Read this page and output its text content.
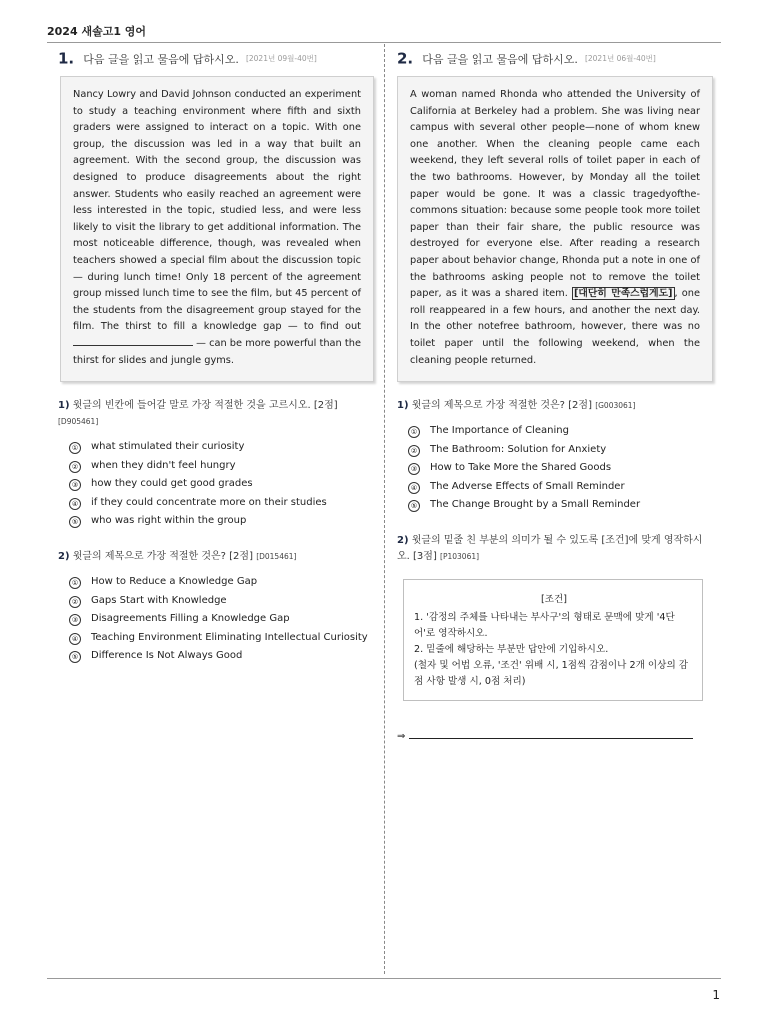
2024 새솔고1 영어
1. 다음 글을 읽고 물음에 답하시오. [2021년 09월-40번]
Nancy Lowry and David Johnson conducted an experiment to study a teaching environment where fifth and sixth graders were assigned to interact on a topic. With one group, the discussion was led in a way that built an agreement. With the second group, the discussion was designed to produce disagreements about the right answer. Students who easily reached an agreement were less interested in the topic, studied less, and were less likely to visit the library to get additional information. The most noticeable difference, though, was revealed when teachers showed a special film about the discussion topic — during lunch time! Only 18 percent of the agreement group missed lunch time to see the film, but 45 percent of the students from the disagreement group stayed for the film. The thirst to fill a knowledge gap — to find out  — can be more powerful than the thirst for slides and jungle gyms.
1) 윗글의 빈칸에 들어갈 말로 가장 적절한 것을 고르시오. [2점] [D905461]
① what stimulated their curiosity
② when they didn't feel hungry
③ how they could get good grades
④ if they could concentrate more on their studies
⑤ who was right within the group
2) 윗글의 제목으로 가장 적절한 것은? [2점] [D015461]
① How to Reduce a Knowledge Gap
② Gaps Start with Knowledge
③ Disagreements Filling a Knowledge Gap
④ Teaching Environment Eliminating Intellectual Curiosity
⑤ Difference Is Not Always Good
2. 다음 글을 읽고 물음에 답하시오. [2021년 06월-40번]
A woman named Rhonda who attended the University of California at Berkeley had a problem. She was living near campus with several other people—none of whom knew one another. When the cleaning people came each weekend, they left several rolls of toilet paper in each of the two bathrooms. However, by Monday all the toilet paper would be gone. It was a classic tragedyofthe-commons situation: because some people took more toilet paper than their fair share, the public resource was destroyed for everyone else. After reading a research paper about behavior change, Rhonda put a note in one of the bathrooms asking people not to remove the toilet paper, as it was a shared item. [대단히 만족스럽게도] , one roll reappeared in a few hours, and another the next day. In the other notefree bathroom, however, there was no toilet paper until the following weekend, when the cleaning people returned.
1) 윗글의 제목으로 가장 적절한 것은? [2점] [G003061]
① The Importance of Cleaning
② The Bathroom: Solution for Anxiety
③ How to Take More the Shared Goods
④ The Adverse Effects of Small Reminder
⑤ The Change Brought by a Small Reminder
2) 윗글의 밑줄 친 부분의 의미가 될 수 있도록 [조건]에 맞게 영작하시오. [3점] [P103061]
[조건]
1. '감정의 주체를 나타내는 부사구'의 형태로 문맥에 맞게 '4단어'로 영작하시오.
2. 밑줄에 해당하는 부분만 답안에 기입하시오.
(철자 및 어법 오류, '조건' 위배 시, 1점씩 감점이나 2개 이상의 감점 사항 발생 시, 0점 처리)
⇒
1
